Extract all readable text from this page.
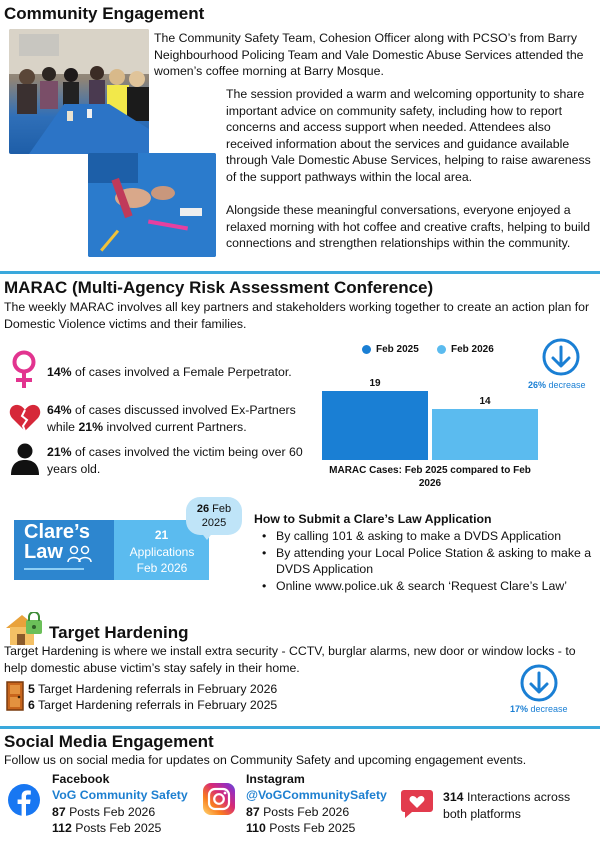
Community Engagement

The Community Safety Team, Cohesion Officer along with PCSO’s from Barry Neighbourhood Policing Team and Vale Domestic Abuse Services attended the women’s coffee morning at Barry Mosque.

The session provided a warm and welcoming opportunity to share important advice on community safety, including how to report concerns and access support when needed. Attendees also received information about the services and guidance available through Vale Domestic Abuse Services, helping to raise awareness of the support pathways within the local area.

Alongside these meaningful conversations, everyone enjoyed a relaxed morning with hot coffee and creative crafts, helping to build connections and strengthen relationships within the community.

MARAC (Multi-Agency Risk Assessment Conference)

The weekly MARAC involves all key partners and stakeholders working together to create an action plan for Domestic Violence victims and their families.

14% of cases involved a Female Perpetrator.

64% of cases discussed involved Ex-Partners while 21% involved current Partners.

21% of cases involved the victim being over 60 years old.

Feb 2025	Feb 2026
19
14
MARAC Cases: Feb 2025 compared to Feb 2026
26% decrease
Clare’s
Law
21
Applications Feb 2026
26 Feb 2025	How to Submit a Clare’s Law Application
• By calling 101 & asking to make a DVDS Application
• By attending your Local Police Station & asking to make a DVDS Application
• Online www.police.uk & search ‘Request Clare’s Law’
Target Hardening

Target Hardening is where we install extra security - CCTV, burglar alarms, new door or window locks - to help domestic abuse victim’s stay safely in their home.

5 Target Hardening referrals in February 2026

6 Target Hardening referrals in February 2025	17% decrease
Social Media Engagement

Follow us on social media for updates on Community Safety and upcoming engagement events.

Facebook
VoG Community Safety

87 Posts Feb 2026

112 Posts Feb 2025

Instagram
@VoGCommunitySafety

87 Posts Feb 2026

110 Posts Feb 2025

314 Interactions across both platforms
